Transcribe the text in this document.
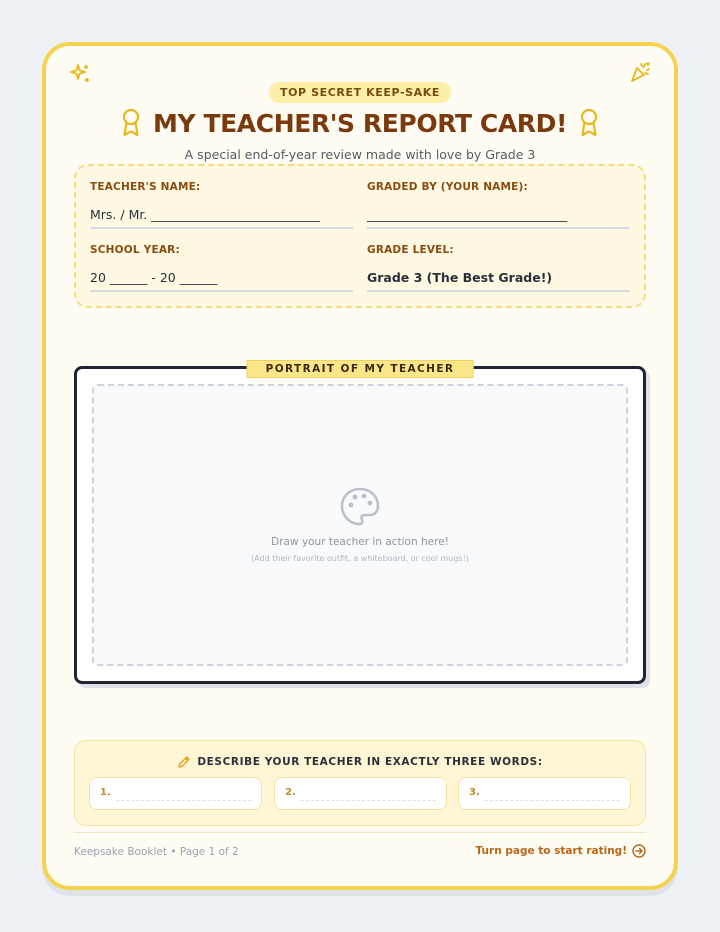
TOP SECRET KEEP-SAKE
MY TEACHER'S REPORT CARD!

A special end-of-year review made with love by Grade 3

TEACHER'S NAME:
Mrs. / Mr. ___________________________
GRADED BY (YOUR NAME):
________________________________
SCHOOL YEAR:
20 ______ - 20 ______
GRADE LEVEL:
Grade 3 (The Best Grade!)
PORTRAIT OF MY TEACHER
Draw your teacher in action here!
(Add their favorite outfit, a whiteboard, or cool mugs!)
DESCRIBE YOUR TEACHER IN EXACTLY THREE WORDS:
1.	2.	3.
Keepsake Booklet • Page 1 of 2	Turn page to start rating!
